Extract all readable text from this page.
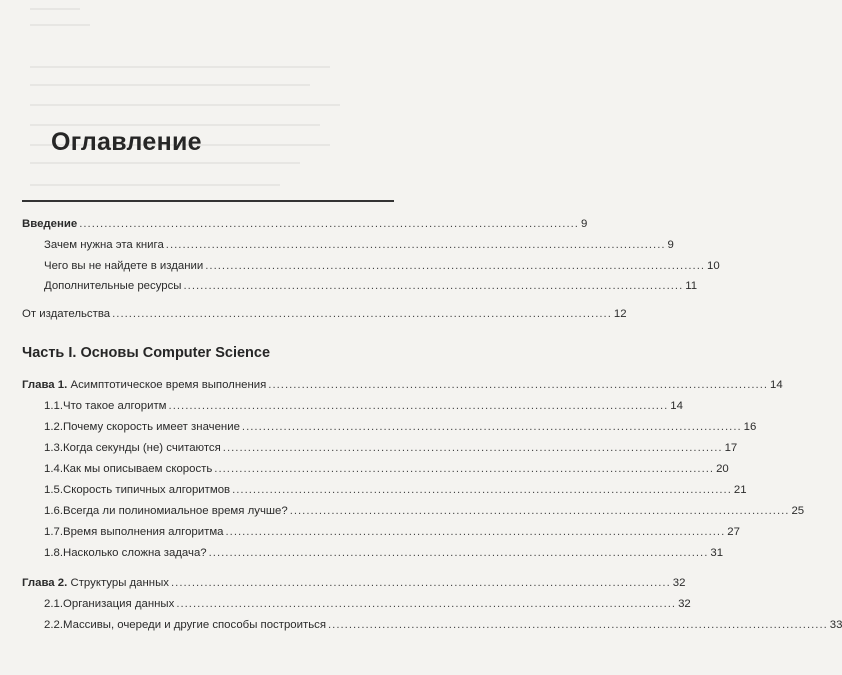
Оглавление
Введение ........................................................................................................................ 9
Зачем нужна эта книга ........................................................................................................................ 9
Чего вы не найдете в издании ........................................................................................................................ 10
Дополнительные ресурсы ........................................................................................................................ 11
От издательства ........................................................................................................................ 12
Часть I. Основы Computer Science
Глава 1.
Асимптотическое время выполнения ........................................................................................................................ 14
1.1. Что такое алгоритм ........................................................................................................................ 14
1.2. Почему скорость имеет значение ........................................................................................................................ 16
1.3. Когда секунды (не) считаются ........................................................................................................................ 17
1.4. Как мы описываем скорость ........................................................................................................................ 20
1.5. Скорость типичных алгоритмов ........................................................................................................................ 21
1.6. Всегда ли полиномиальное время лучше? ........................................................................................................................ 25
1.7. Время выполнения алгоритма ........................................................................................................................ 27
1.8. Насколько сложна задача? ........................................................................................................................ 31
Глава 2.
Структуры данных ........................................................................................................................ 32
2.1. Организация данных ........................................................................................................................ 32
2.2. Массивы, очереди и другие способы построиться ........................................................................................................................ 33
